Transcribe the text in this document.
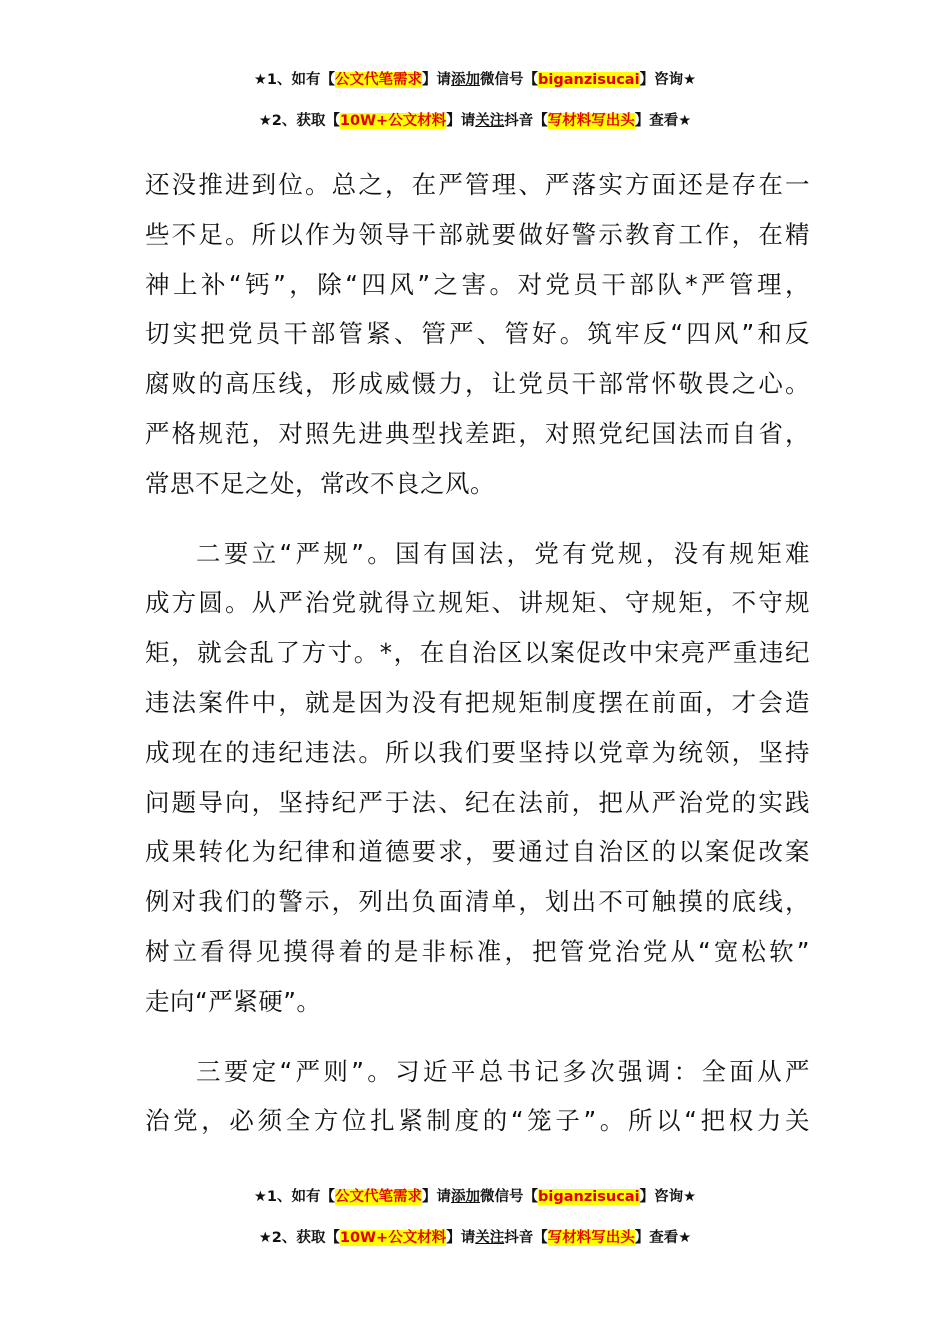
★1、如有【公文代笔需求】请添加微信号【biganzisucai】咨询★
★2、获取【10W+公文材料】请关注抖音【写材料写出头】查看★

还没推进到位。总之，在严管理、严落实方面还是存在一
些不足。所以作为领导干部就要做好警示教育工作，在精
神上补“钙”，除“四风”之害。对党员干部队*严管理，
切实把党员干部管紧、管严、管好。筑牢反“四风”和反
腐败的高压线，形成威慑力，让党员干部常怀敬畏之心。
严格规范，对照先进典型找差距，对照党纪国法而自省，
常思不足之处，常改不良之风。

二要立“严规”。国有国法，党有党规，没有规矩难
成方圆。从严治党就得立规矩、讲规矩、守规矩，不守规
矩，就会乱了方寸。*，在自治区以案促改中宋亮严重违纪
违法案件中，就是因为没有把规矩制度摆在前面，才会造
成现在的违纪违法。所以我们要坚持以党章为统领，坚持
问题导向，坚持纪严于法、纪在法前，把从严治党的实践
成果转化为纪律和道德要求，要通过自治区的以案促改案
例对我们的警示，列出负面清单，划出不可触摸的底线，
树立看得见摸得着的是非标准，把管党治党从“宽松软”
走向“严紧硬”。

三要定“严则”。习近平总书记多次强调：全面从严
治党，必须全方位扎紧制度的“笼子”。所以“把权力关

★1、如有【公文代笔需求】请添加微信号【biganzisucai】咨询★
★2、获取【10W+公文材料】请关注抖音【写材料写出头】查看★
